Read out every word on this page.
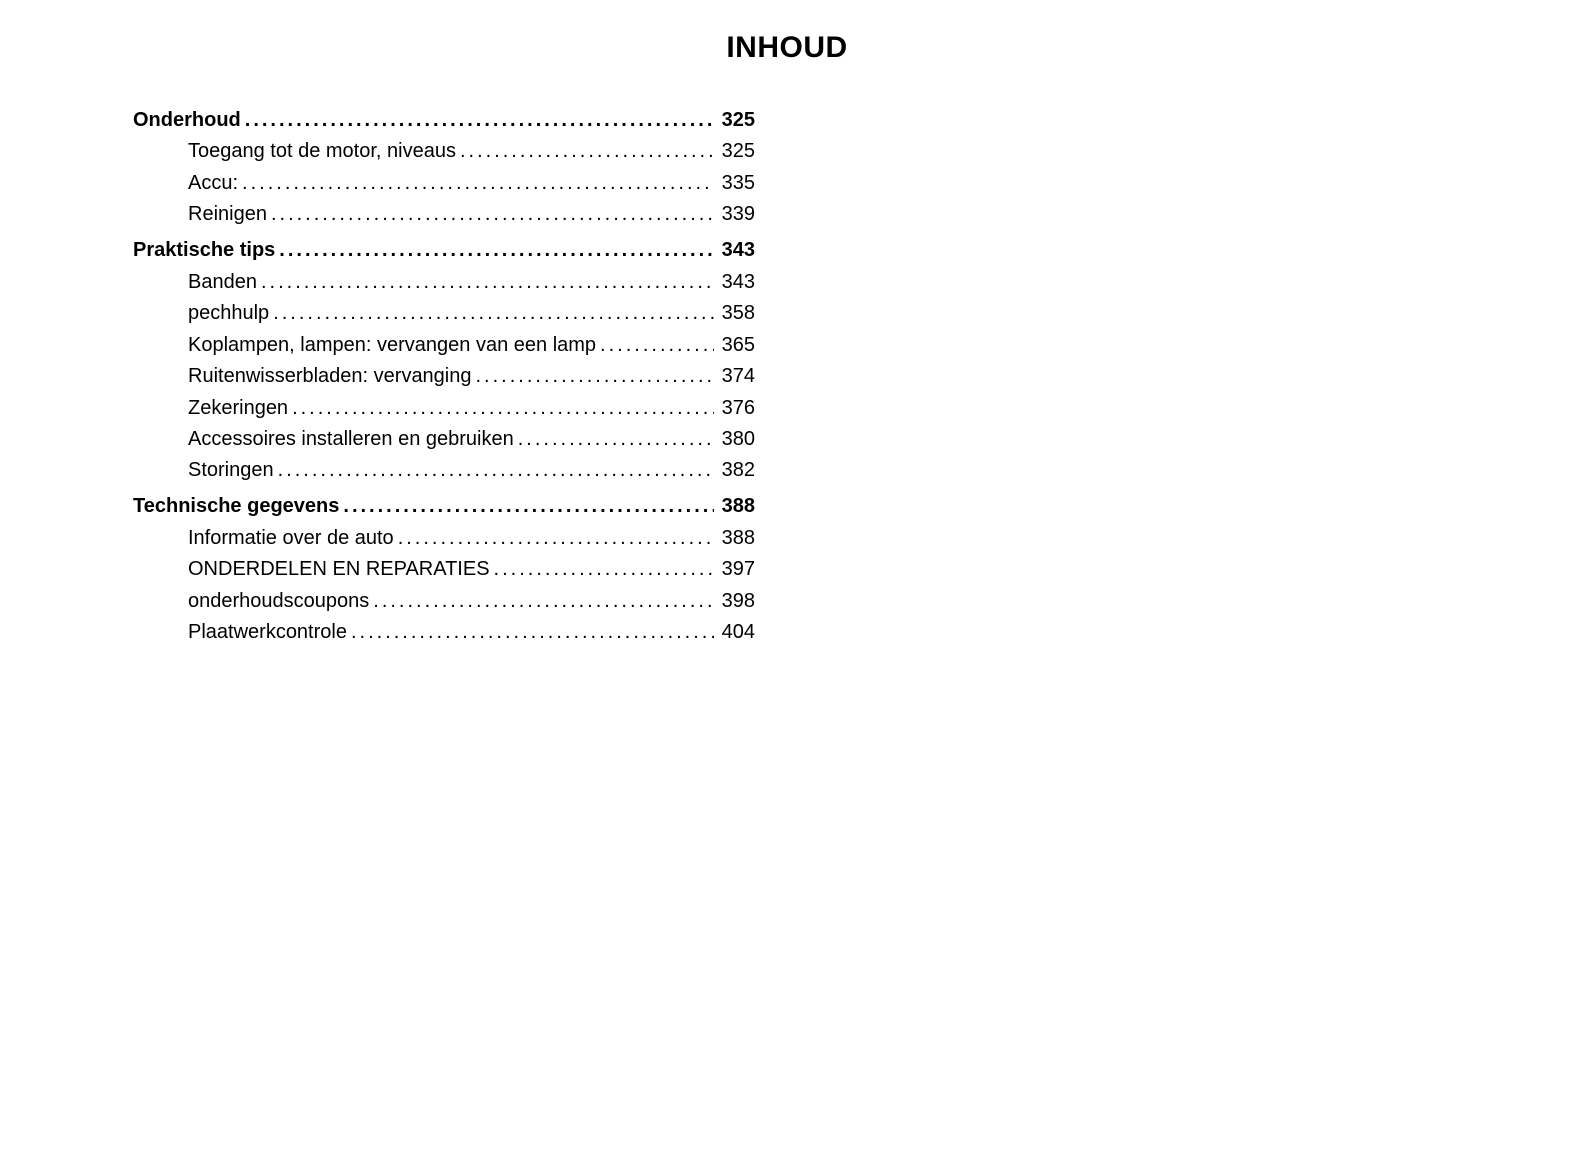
INHOUD
Onderhoud .....	325
Toegang tot de motor, niveaus .....	325
Accu: .....	335
Reinigen .....	339
Praktische tips .....	343
Banden .....	343
pechhulp .....	358
Koplampen, lampen: vervangen van een lamp .....	365
Ruitenwisserbladen: vervanging .....	374
Zekeringen .....	376
Accessoires installeren en gebruiken .....	380
Storingen .....	382
Technische gegevens .....	388
Informatie over de auto .....	388
ONDERDELEN EN REPARATIES .....	397
onderhoudscoupons .....	398
Plaatwerkcontrole .....	404
